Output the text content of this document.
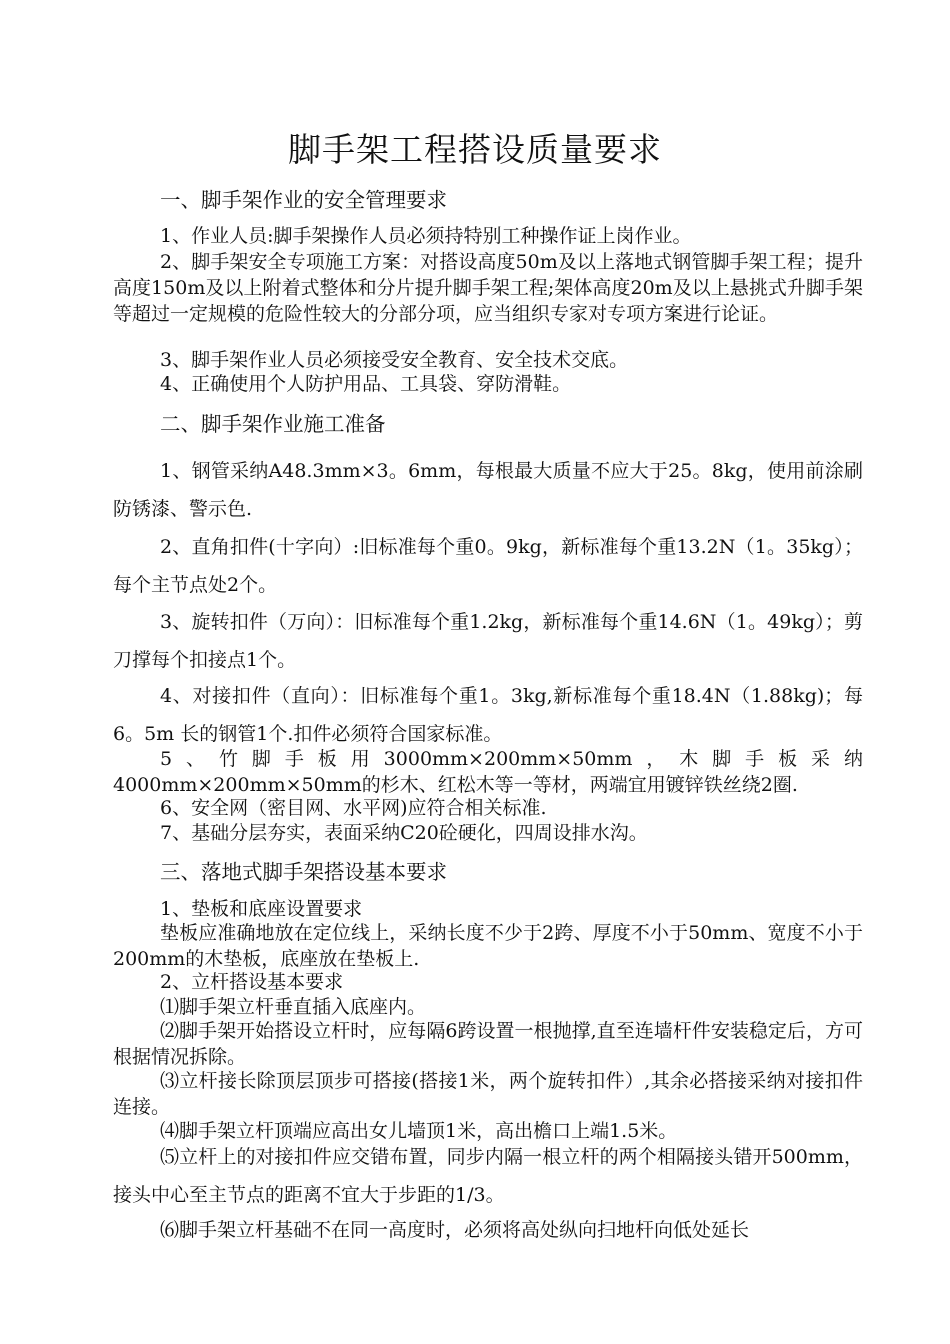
脚手架工程搭设质量要求
一、脚手架作业的安全管理要求
1、作业人员:脚手架操作人员必须持特别工种操作证上岗作业。
2、脚手架安全专项施工方案：对搭设高度50m及以上落地式钢管脚手架工程；提升高度150m及以上附着式整体和分片提升脚手架工程;架体高度20m及以上悬挑式升脚手架等超过一定规模的危险性较大的分部分项，应当组织专家对专项方案进行论证。
3、脚手架作业人员必须接受安全教育、安全技术交底。
4、正确使用个人防护用品、工具袋、穿防滑鞋。
二、脚手架作业施工准备
1、钢管采纳A48.3mm×3。6mm，每根最大质量不应大于25。8kg，使用前涂刷防锈漆、警示色.
2、直角扣件(十字向）:旧标准每个重0。9kg，新标准每个重13.2N（1。35kg）；每个主节点处2个。
3、旋转扣件（万向）：旧标准每个重1.2kg，新标准每个重14.6N（1。49kg）；剪刀撑每个扣接点1个。
4、对接扣件（直向）：旧标准每个重1。3kg,新标准每个重18.4N（1.88kg)；每 6。5m 长的钢管1个.扣件必须符合国家标准。
5、竹脚手板用3000mm×200mm×50mm，木脚手板采纳4000mm×200mm×50mm的杉木、红松木等一等材，两端宜用镀锌铁丝绕2圈.
6、安全网（密目网、水平网)应符合相关标准.
7、基础分层夯实，表面采纳C20砼硬化，四周设排水沟。
三、落地式脚手架搭设基本要求
1、垫板和底座设置要求
垫板应准确地放在定位线上，采纳长度不少于2跨、厚度不小于50mm、宽度不小于200mm的木垫板，底座放在垫板上.
2、立杆搭设基本要求
⑴脚手架立杆垂直插入底座内。
⑵脚手架开始搭设立杆时，应每隔6跨设置一根抛撑,直至连墙杆件安装稳定后，方可根据情况拆除。
⑶立杆接长除顶层顶步可搭接(搭接1米，两个旋转扣件）,其余必搭接采纳对接扣件连接。
⑷脚手架立杆顶端应高出女儿墙顶1米，高出檐口上端1.5米。
⑸立杆上的对接扣件应交错布置，同步内隔一根立杆的两个相隔接头错开500mm，接头中心至主节点的距离不宜大于步距的1/3。
⑹脚手架立杆基础不在同一高度时，必须将高处纵向扫地杆向低处延长
